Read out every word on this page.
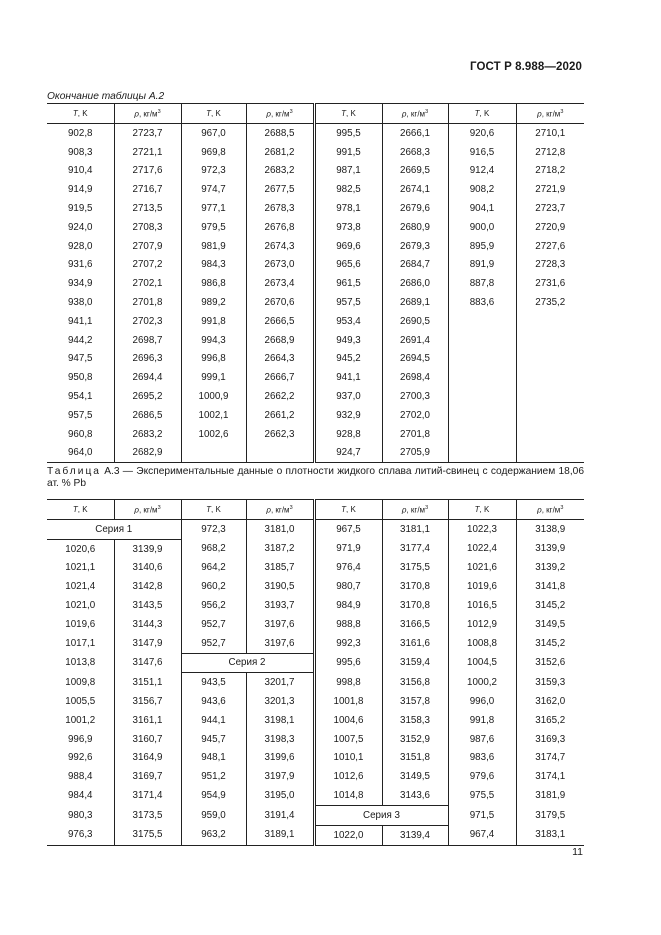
ГОСТ Р 8.988—2020
Окончание таблицы А.2
T, K	ρ, $кг/м^3$	T, K	ρ, $кг/м^3$	T, K	ρ, $кг/м^3$	T, K	ρ, $кг/м^3$
902,8	2723,7	967,0	2688,5	995,5	2666,1	920,6	2710,1
908,3	2721,1	969,8	2681,2	991,5	2668,3	916,5	2712,8
910,4	2717,6	972,3	2683,2	987,1	2669,5	912,4	2718,2
914,9	2716,7	974,7	2677,5	982,5	2674,1	908,2	2721,9
919,5	2713,5	977,1	2678,3	978,1	2679,6	904,1	2723,7
924,0	2708,3	979,5	2676,8	973,8	2680,9	900,0	2720,9
928,0	2707,9	981,9	2674,3	969,6	2679,3	895,9	2727,6
931,6	2707,2	984,3	2673,0	965,6	2684,7	891,9	2728,3
934,9	2702,1	986,8	2673,4	961,5	2686,0	887,8	2731,6
938,0	2701,8	989,2	2670,6	957,5	2689,1	883,6	2735,2
941,1	2702,3	991,8	2666,5	953,4	2690,5		
944,2	2698,7	994,3	2668,9	949,3	2691,4		
947,5	2696,3	996,8	2664,3	945,2	2694,5		
950,8	2694,4	999,1	2666,7	941,1	2698,4		
954,1	2695,2	1000,9	2662,2	937,0	2700,3		
957,5	2686,5	1002,1	2661,2	932,9	2702,0		
960,8	2683,2	1002,6	2662,3	928,8	2701,8		
964,0	2682,9			924,7	2705,9		
Таблица А.3 — Экспериментальные данные о плотности жидкого сплава литий-свинец с содержанием 18,06 ат. % Pb
T, K	ρ, $кг/м^3$	T, K	ρ, $кг/м^3$	T, K	ρ, $кг/м^3$	T, K	ρ, $кг/м^3$
Серия 1		972,3	3181,0	967,5	3181,1	1022,3	3138,9
1020,6	3139,9	968,2	3187,2	971,9	3177,4	1022,4	3139,9
1021,1	3140,6	964,2	3185,7	976,4	3175,5	1021,6	3139,2
1021,4	3142,8	960,2	3190,5	980,7	3170,8	1019,6	3141,8
1021,0	3143,5	956,2	3193,7	984,9	3170,8	1016,5	3145,2
1019,6	3144,3	952,7	3197,6	988,8	3166,5	1012,9	3149,5
1017,1	3147,9	952,7	3197,6	992,3	3161,6	1008,8	3145,2
1013,8	3147,6	Серия 2		995,6	3159,4	1004,5	3152,6
1009,8	3151,1	943,5	3201,7	998,8	3156,8	1000,2	3159,3
1005,5	3156,7	943,6	3201,3	1001,8	3157,8	996,0	3162,0
1001,2	3161,1	944,1	3198,1	1004,6	3158,3	991,8	3165,2
996,9	3160,7	945,7	3198,3	1007,5	3152,9	987,6	3169,3
992,6	3164,9	948,1	3199,6	1010,1	3151,8	983,6	3174,7
988,4	3169,7	951,2	3197,9	1012,6	3149,5	979,6	3174,1
984,4	3171,4	954,9	3195,0	1014,8	3143,6	975,5	3181,9
980,3	3173,5	959,0	3191,4	Серия 3		971,5	3179,5
976,3	3175,5	963,2	3189,1	1022,0	3139,4	967,4	3183,1
11
